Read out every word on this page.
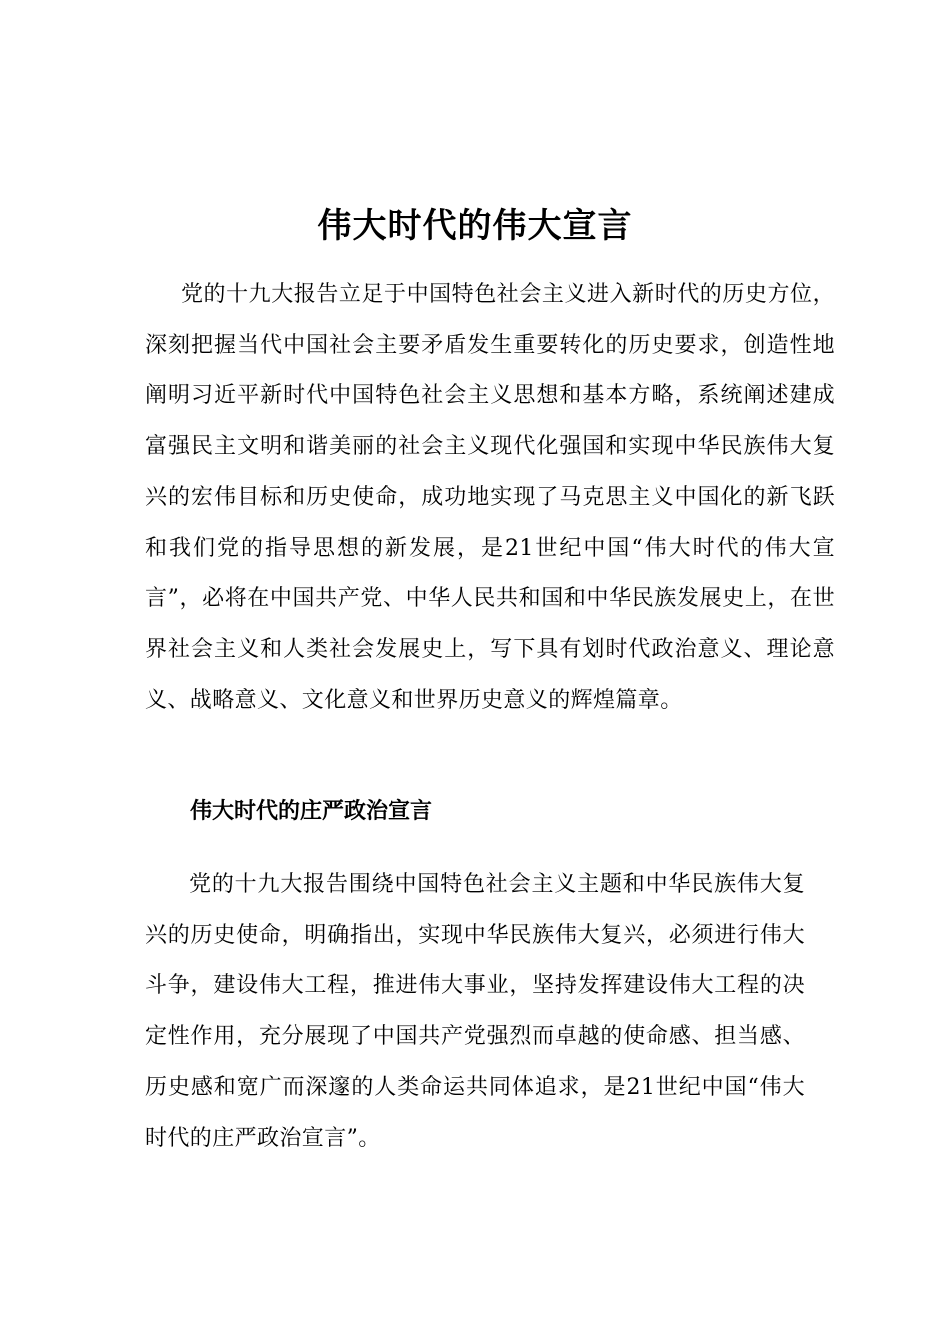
伟大时代的伟大宣言

党的十九大报告立足于中国特色社会主义进入新时代的历史方位，深刻把握当代中国社会主要矛盾发生重要转化的历史要求，创造性地阐明习近平新时代中国特色社会主义思想和基本方略，系统阐述建成富强民主文明和谐美丽的社会主义现代化强国和实现中华民族伟大复兴的宏伟目标和历史使命，成功地实现了马克思主义中国化的新飞跃和我们党的指导思想的新发展，是21世纪中国“伟大时代的伟大宣言”，必将在中国共产党、中华人民共和国和中华民族发展史上，在世界社会主义和人类社会发展史上，写下具有划时代政治意义、理论意义、战略意义、文化意义和世界历史意义的辉煌篇章。

伟大时代的庄严政治宣言

党的十九大报告围绕中国特色社会主义主题和中华民族伟大复兴的历史使命，明确指出，实现中华民族伟大复兴，必须进行伟大斗争，建设伟大工程，推进伟大事业，坚持发挥建设伟大工程的决定性作用，充分展现了中国共产党强烈而卓越的使命感、担当感、历史感和宽广而深邃的人类命运共同体追求，是21世纪中国“伟大时代的庄严政治宣言”。
